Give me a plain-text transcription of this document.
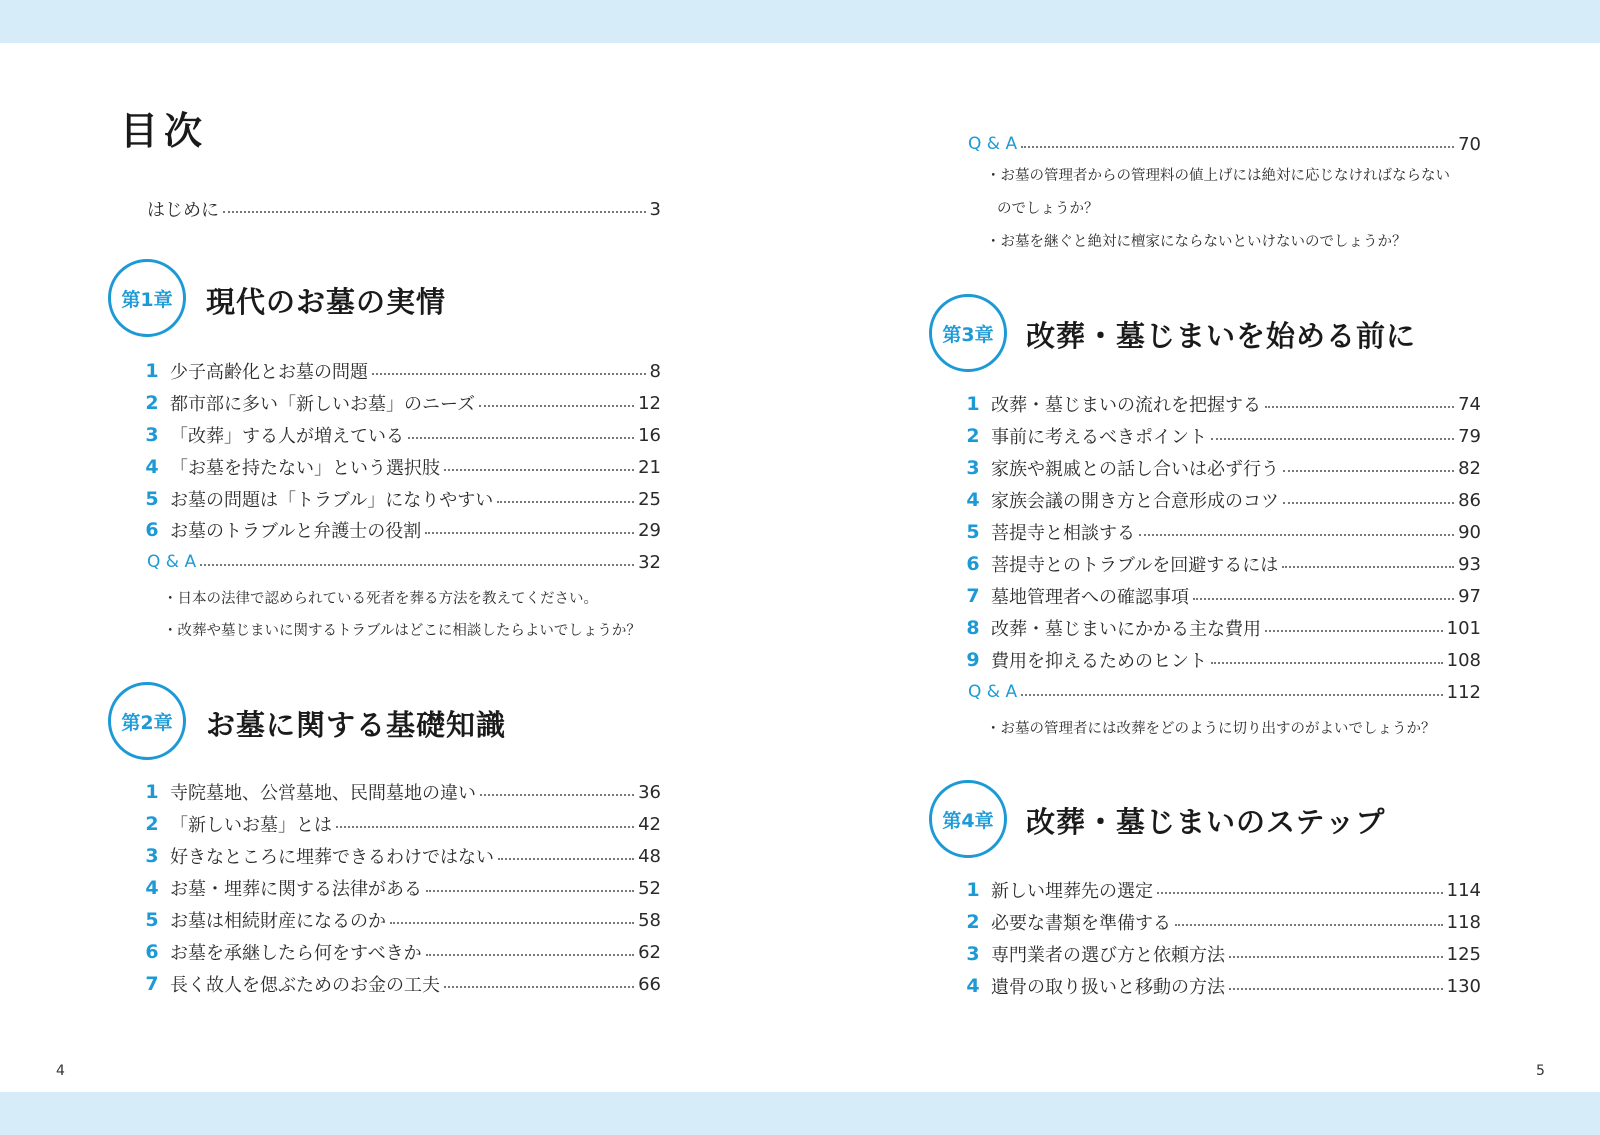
目次
はじめに	3
第1章	現代のお墓の実情
1 少子高齢化とお墓の問題	8
2 都市部に多い「新しいお墓」のニーズ	12
3 「改葬」する人が増えている	16
4 「お墓を持たない」という選択肢	21
5 お墓の問題は「トラブル」になりやすい	25
6 お墓のトラブルと弁護士の役割	29
Q & A	32
・日本の法律で認められている死者を葬る方法を教えてください。
・改葬や墓じまいに関するトラブルはどこに相談したらよいでしょうか？
第2章	お墓に関する基礎知識
1 寺院墓地、公営墓地、民間墓地の違い	36
2 「新しいお墓」とは	42
3 好きなところに埋葬できるわけではない	48
4 お墓・埋葬に関する法律がある	52
5 お墓は相続財産になるのか	58
6 お墓を承継したら何をすべきか	62
7 長く故人を偲ぶためのお金の工夫	66
Q & A	70
・お墓の管理者からの管理料の値上げには絶対に応じなければならない
のでしょうか？
・お墓を継ぐと絶対に檀家にならないといけないのでしょうか？
第3章	改葬・墓じまいを始める前に
1 改葬・墓じまいの流れを把握する	74
2 事前に考えるべきポイント	79
3 家族や親戚との話し合いは必ず行う	82
4 家族会議の開き方と合意形成のコツ	86
5 菩提寺と相談する	90
6 菩提寺とのトラブルを回避するには	93
7 墓地管理者への確認事項	97
8 改葬・墓じまいにかかる主な費用	101
9 費用を抑えるためのヒント	108
Q & A	112
・お墓の管理者には改葬をどのように切り出すのがよいでしょうか？
第4章	改葬・墓じまいのステップ
1 新しい埋葬先の選定	114
2 必要な書類を準備する	118
3 専門業者の選び方と依頼方法	125
4 遺骨の取り扱いと移動の方法	130
4	5
